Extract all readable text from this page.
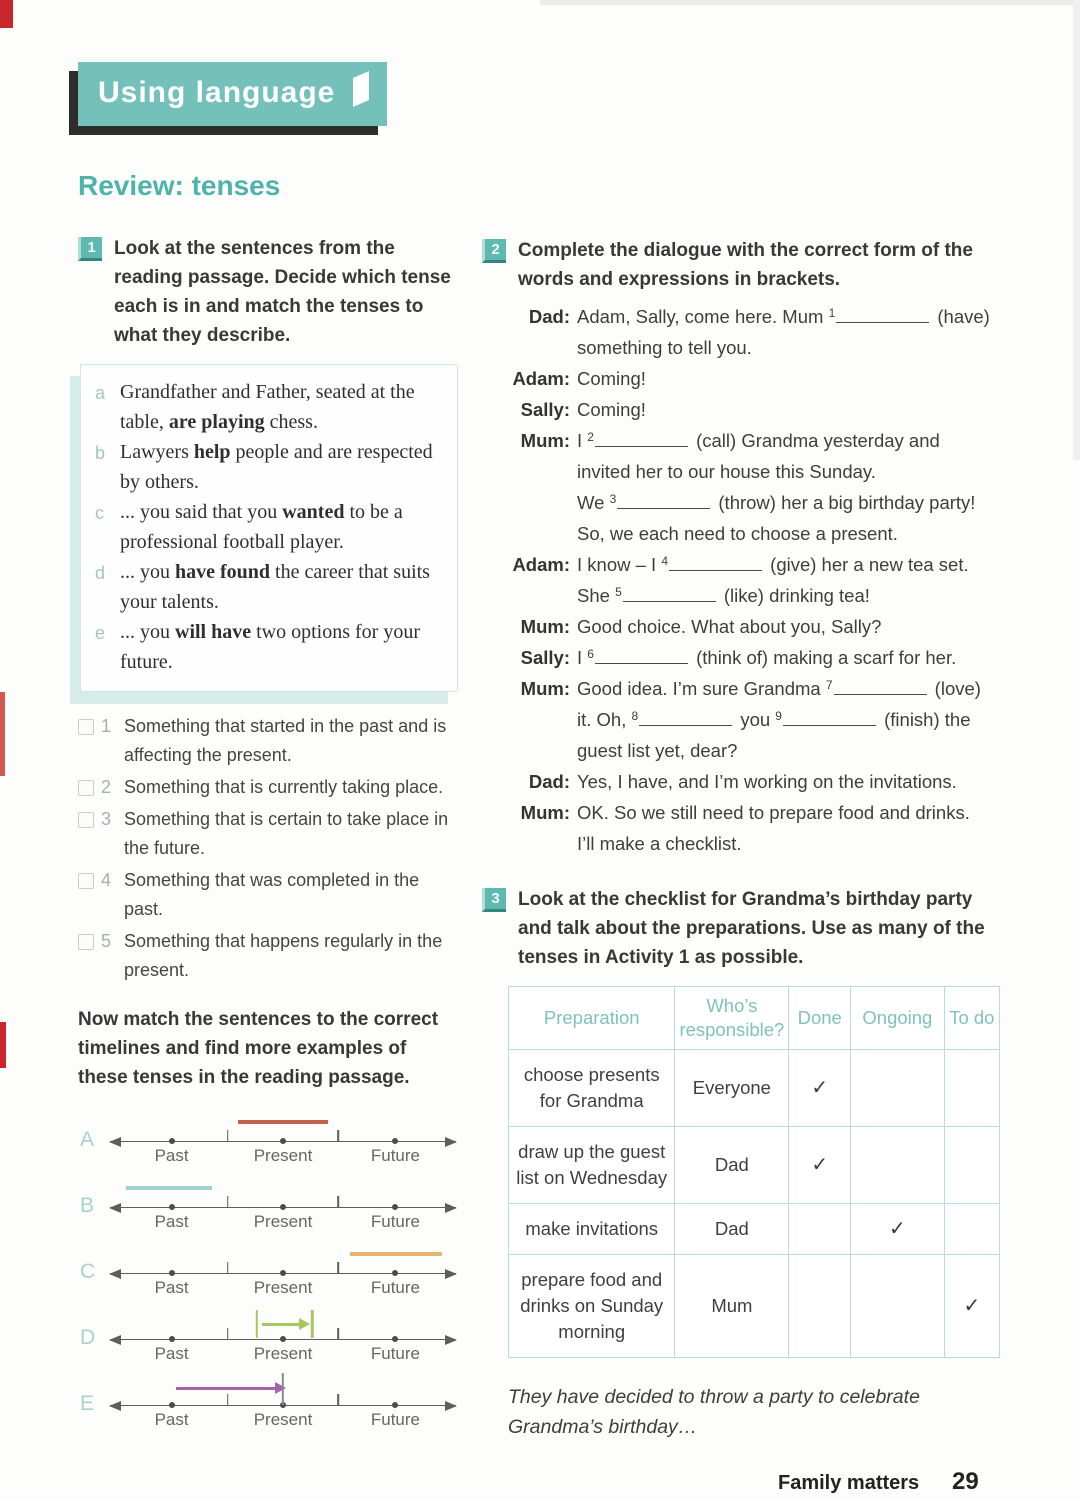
Using language
Review: tenses
1 Look at the sentences from the reading passage. Decide which tense each is in and match the tenses to what they describe.
a Grandfather and Father, seated at the table, are playing chess.
b Lawyers help people and are respected by others.
c ... you said that you wanted to be a professional football player.
d ... you have found the career that suits your talents.
e ... you will have two options for your future.
1 Something that started in the past and is affecting the present.
2 Something that is currently taking place.
3 Something that is certain to take place in the future.
4 Something that was completed in the past.
5 Something that happens regularly in the present.

Now match the sentences to the correct timelines and find more examples of these tenses in the reading passage.

A
Past	Present	Future
B
Past	Present	Future
C
Past	Present	Future
D
Past	Present	Future
E
Past	Present	Future
2 Complete the dialogue with the correct form of the words and expressions in brackets.
Dad: Adam, Sally, come here. Mum $^1$	(have)
something to tell you.
Adam: Coming!
Sally: Coming!
Mum: I $^2$	(call) Grandma yesterday and
invited her to our house this Sunday.
We $^3$	(throw) her a big birthday party!
So, we each need to choose a present.
Adam: I know – I $^4$	(give) her a new tea set.
She $^5$	(like) drinking tea!
Mum: Good choice. What about you, Sally?
Sally: I $^6$	(think of) making a scarf for her.
Mum: Good idea. I’m sure Grandma $^7$	(love)
it. Oh, $^8$	you $^9$	(finish) the
guest list yet, dear?
Dad: Yes, I have, and I’m working on the invitations.
Mum: OK. So we still need to prepare food and drinks.
I’ll make a checklist.
3 Look at the checklist for Grandma’s birthday party and talk about the preparations. Use as many of the tenses in Activity 1 as possible.
Preparation	Who’s responsible?	Done	Ongoing	To do
choose presents for Grandma	Everyone	✓		
draw up the guest list on Wednesday	Dad	✓		
make invitations	Dad		✓	
prepare food and drinks on Sunday morning	Mum			✓

They have decided to throw a party to celebrate Grandma’s birthday…

Family matters 29
